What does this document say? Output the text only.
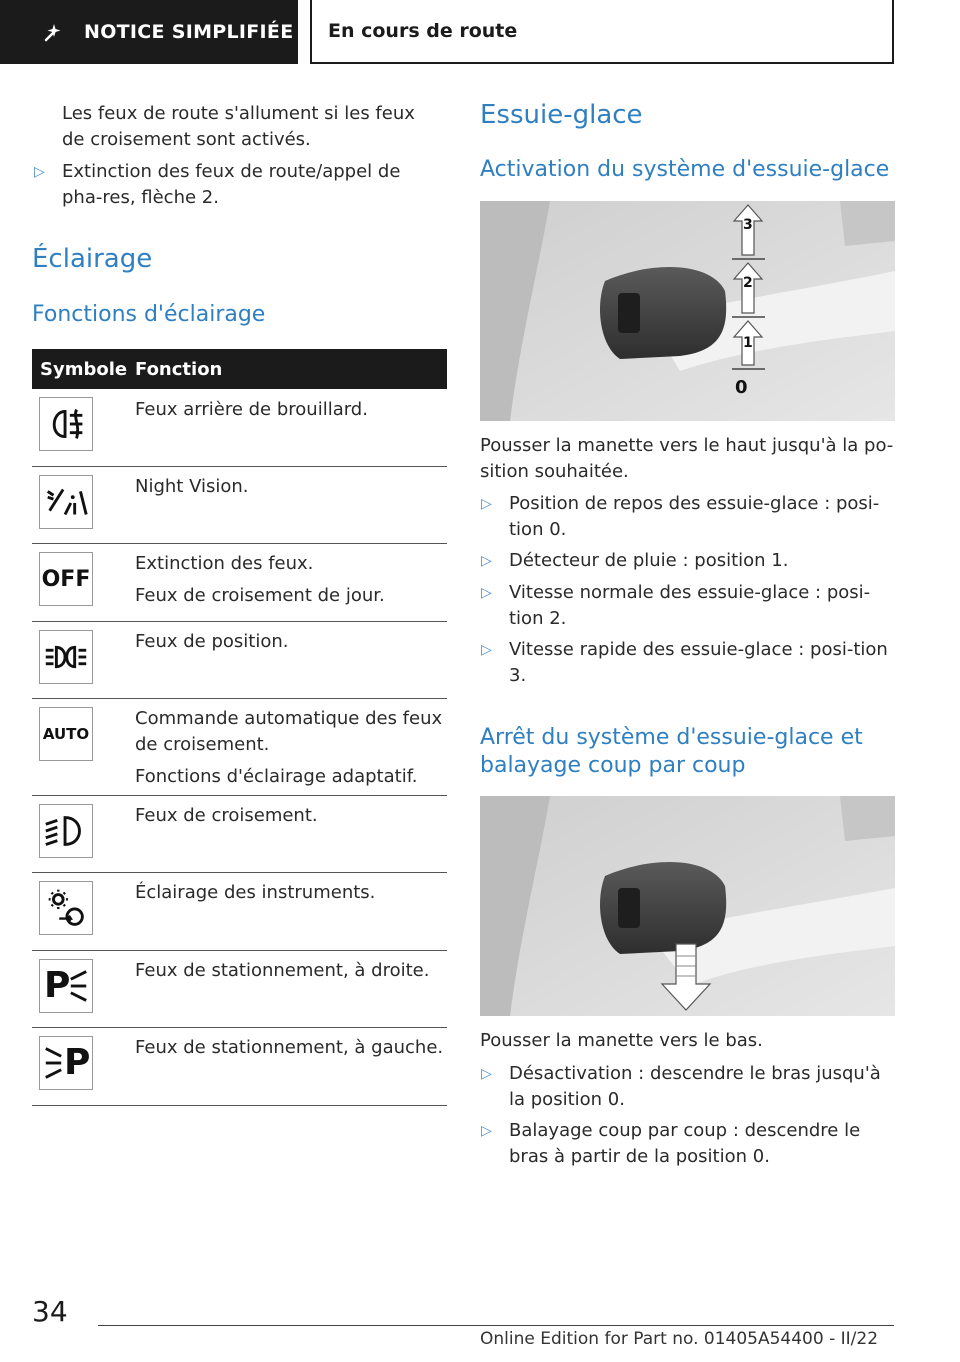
NOTICE SIMPLIFIÉE En cours de route
Les feux de route s'allument si les feux de croisement sont activés.
▷ Extinction des feux de route/appel de pha-res, flèche 2.
Éclairage
Fonctions d'éclairage
Symbole Fonction
Feux arrière de brouillard.
Night Vision.
OFF
Extinction des feux.
Feux de croisement de jour.
Feux de position.
AUTO
Commande automatique des feux de croisement.
Fonctions d'éclairage adaptatif.
Feux de croisement.
Éclairage des instruments.
P	Feux de stationnement, à droite.
P Feux de stationnement, à gauche.
Essuie-glace
Activation du système d'essuie-glace
3
2
1
0
Pousser la manette vers le haut jusqu'à la po-sition souhaitée.
▷ Position de repos des essuie-glace : posi-tion 0.
▷ Détecteur de pluie : position 1.
▷ Vitesse normale des essuie-glace : posi-tion 2.
▷ Vitesse rapide des essuie-glace : posi-tion 3.
Arrêt du système d'essuie-glace et balayage coup par coup
Pousser la manette vers le bas.
▷ Désactivation : descendre le bras jusqu'à la position 0.
▷ Balayage coup par coup : descendre le bras à partir de la position 0.
34
Online Edition for Part no. 01405A54400 - II/22
